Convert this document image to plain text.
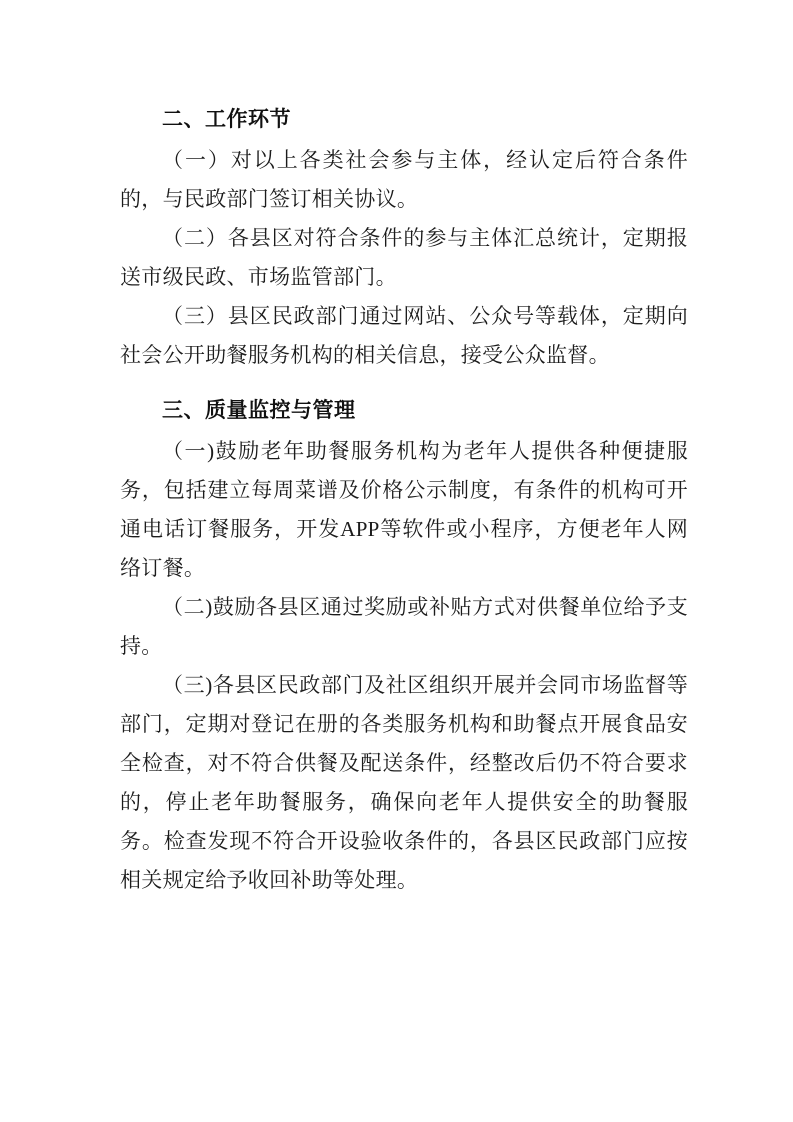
二、工作环节

（一）对以上各类社会参与主体，经认定后符合条件的，与民政部门签订相关协议。

（二）各县区对符合条件的参与主体汇总统计，定期报送市级民政、市场监管部门。

（三）县区民政部门通过网站、公众号等载体，定期向社会公开助餐服务机构的相关信息，接受公众监督。

三、质量监控与管理

（一)鼓励老年助餐服务机构为老年人提供各种便捷服务，包括建立每周菜谱及价格公示制度，有条件的机构可开通电话订餐服务，开发APP等软件或小程序，方便老年人网络订餐。

（二)鼓励各县区通过奖励或补贴方式对供餐单位给予支持。

（三)各县区民政部门及社区组织开展并会同市场监督等部门，定期对登记在册的各类服务机构和助餐点开展食品安全检查，对不符合供餐及配送条件，经整改后仍不符合要求的，停止老年助餐服务，确保向老年人提供安全的助餐服务。检查发现不符合开设验收条件的，各县区民政部门应按相关规定给予收回补助等处理。
